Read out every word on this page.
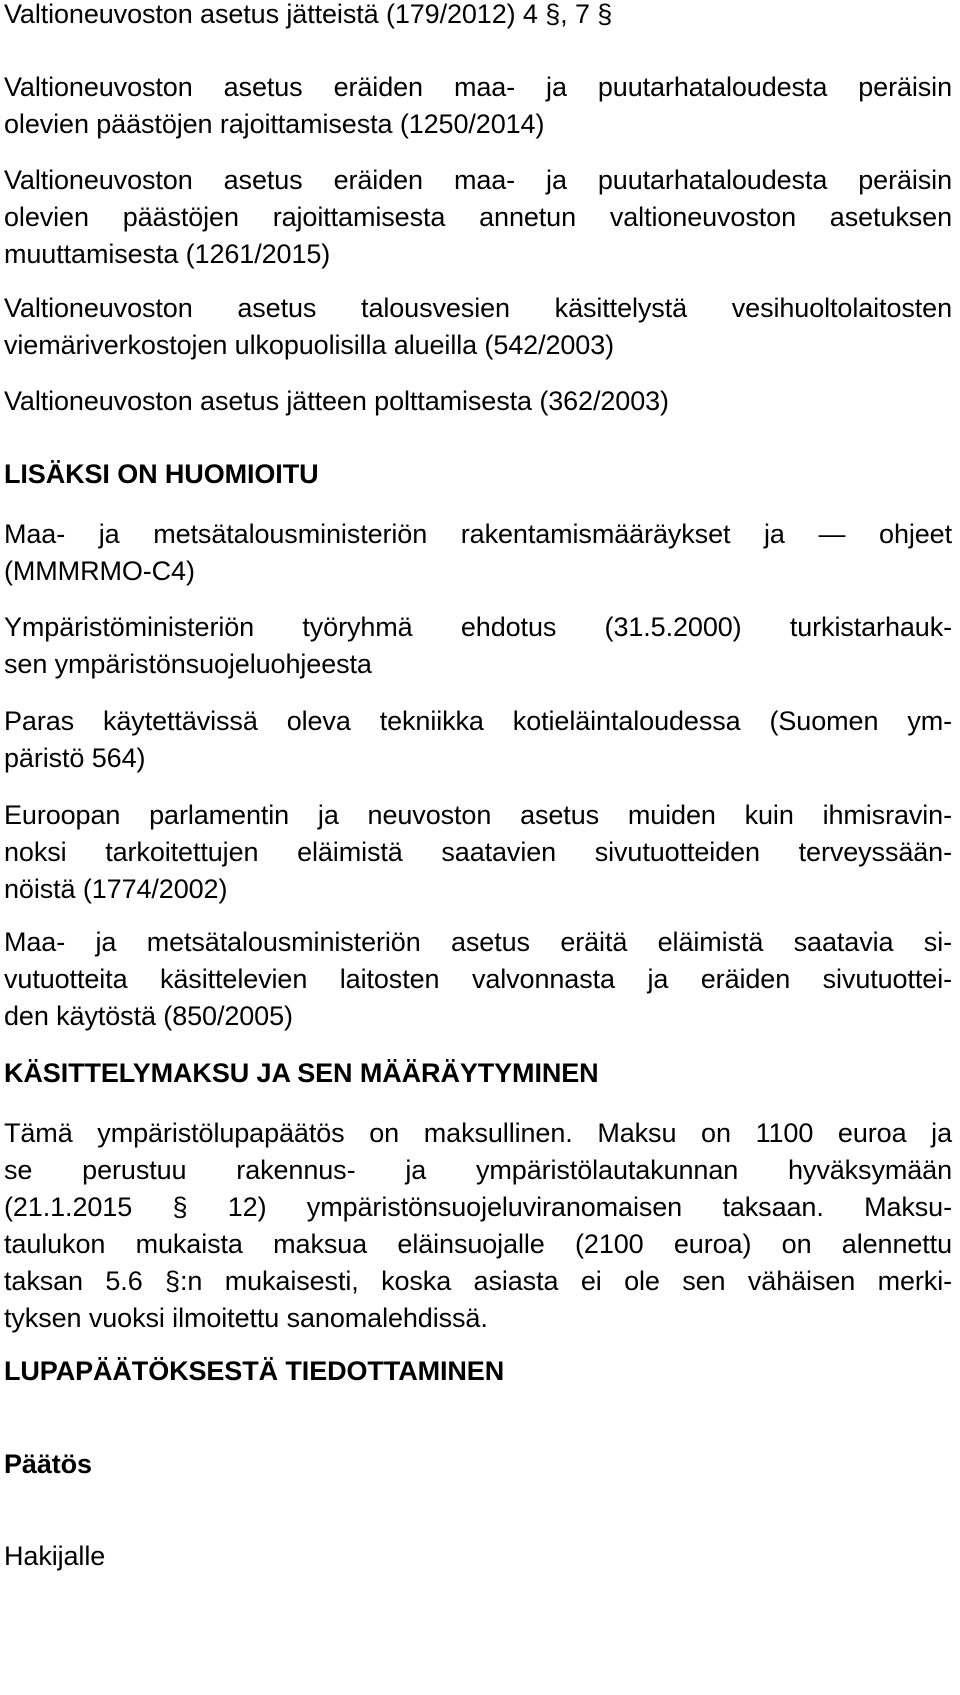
Valtioneuvoston asetus jätteistä (179/2012) 4 §, 7 §
Valtioneuvoston asetus eräiden maa- ja puutarhataloudesta peräisin
olevien päästöjen rajoittamisesta (1250/2014)
Valtioneuvoston asetus eräiden maa- ja puutarhataloudesta peräisin
olevien päästöjen rajoittamisesta annetun valtioneuvoston asetuksen
muuttamisesta (1261/2015)
Valtioneuvoston asetus talousvesien käsittelystä vesihuoltolaitosten
viemäriverkostojen ulkopuolisilla alueilla (542/2003)
Valtioneuvoston asetus jätteen polttamisesta (362/2003)
LISÄKSI ON HUOMIOITU
Maa- ja metsätalousministeriön rakentamismääräykset ja — ohjeet
(MMMRMO-C4)
Ympäristöministeriön työryhmä ehdotus (31.5.2000) turkistarhauk-
sen ympäristönsuojeluohjeesta
Paras käytettävissä oleva tekniikka kotieläintaloudessa (Suomen ym-
päristö 564)
Euroopan parlamentin ja neuvoston asetus muiden kuin ihmisravin-
noksi tarkoitettujen eläimistä saatavien sivutuotteiden terveyssään-
nöistä (1774/2002)
Maa- ja metsätalousministeriön asetus eräitä eläimistä saatavia si-
vutuotteita käsittelevien laitosten valvonnasta ja eräiden sivutuottei-
den käytöstä (850/2005)
KÄSITTELYMAKSU JA SEN MÄÄRÄYTYMINEN
Tämä ympäristölupapäätös on maksullinen. Maksu on 1100 euroa ja
se perustuu rakennus- ja ympäristölautakunnan hyväksymään
(21.1.2015 § 12) ympäristönsuojeluviranomaisen taksaan. Maksu-
taulukon mukaista maksua eläinsuojalle (2100 euroa) on alennettu
taksan 5.6 §:n mukaisesti, koska asiasta ei ole sen vähäisen merki-
tyksen vuoksi ilmoitettu sanomalehdissä.
LUPAPÄÄTÖKSESTÄ TIEDOTTAMINEN
Päätös
Hakijalle
